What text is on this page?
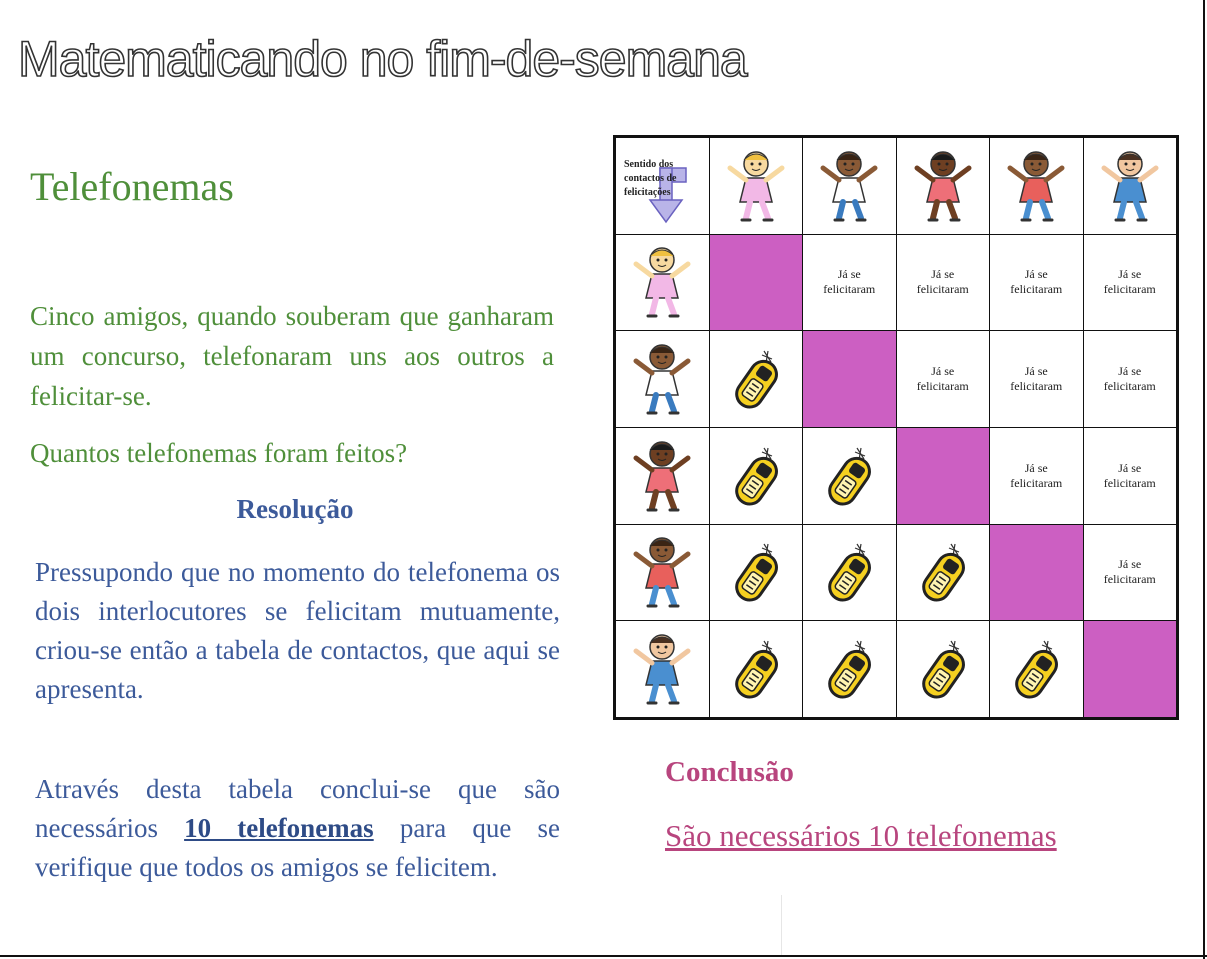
Matematicando no fim-de-semana
Telefonemas

Cinco amigos, quando souberam que ganharam um concurso, telefonaram uns aos outros a felicitar-se.

Quantos telefonemas foram feitos?

Resolução

Pressupondo que no momento do telefonema os dois interlocutores se felicitam mutuamente, criou-se então a tabela de contactos, que aqui se apresenta.

Através desta tabela conclui-se que são necessários 10 telefonemas para que se verifique que todos os amigos se felicitem.

Sentido dos contactos de felicitações
Já se
felicitaram
Já se
felicitaram
Já se
felicitaram
Já se
felicitaram
Já se
felicitaram
Já se
felicitaram
Já se
felicitaram
Já se
felicitaram
Já se
felicitaram
Já se
felicitaram
Conclusão

São necessários 10 telefonemas
